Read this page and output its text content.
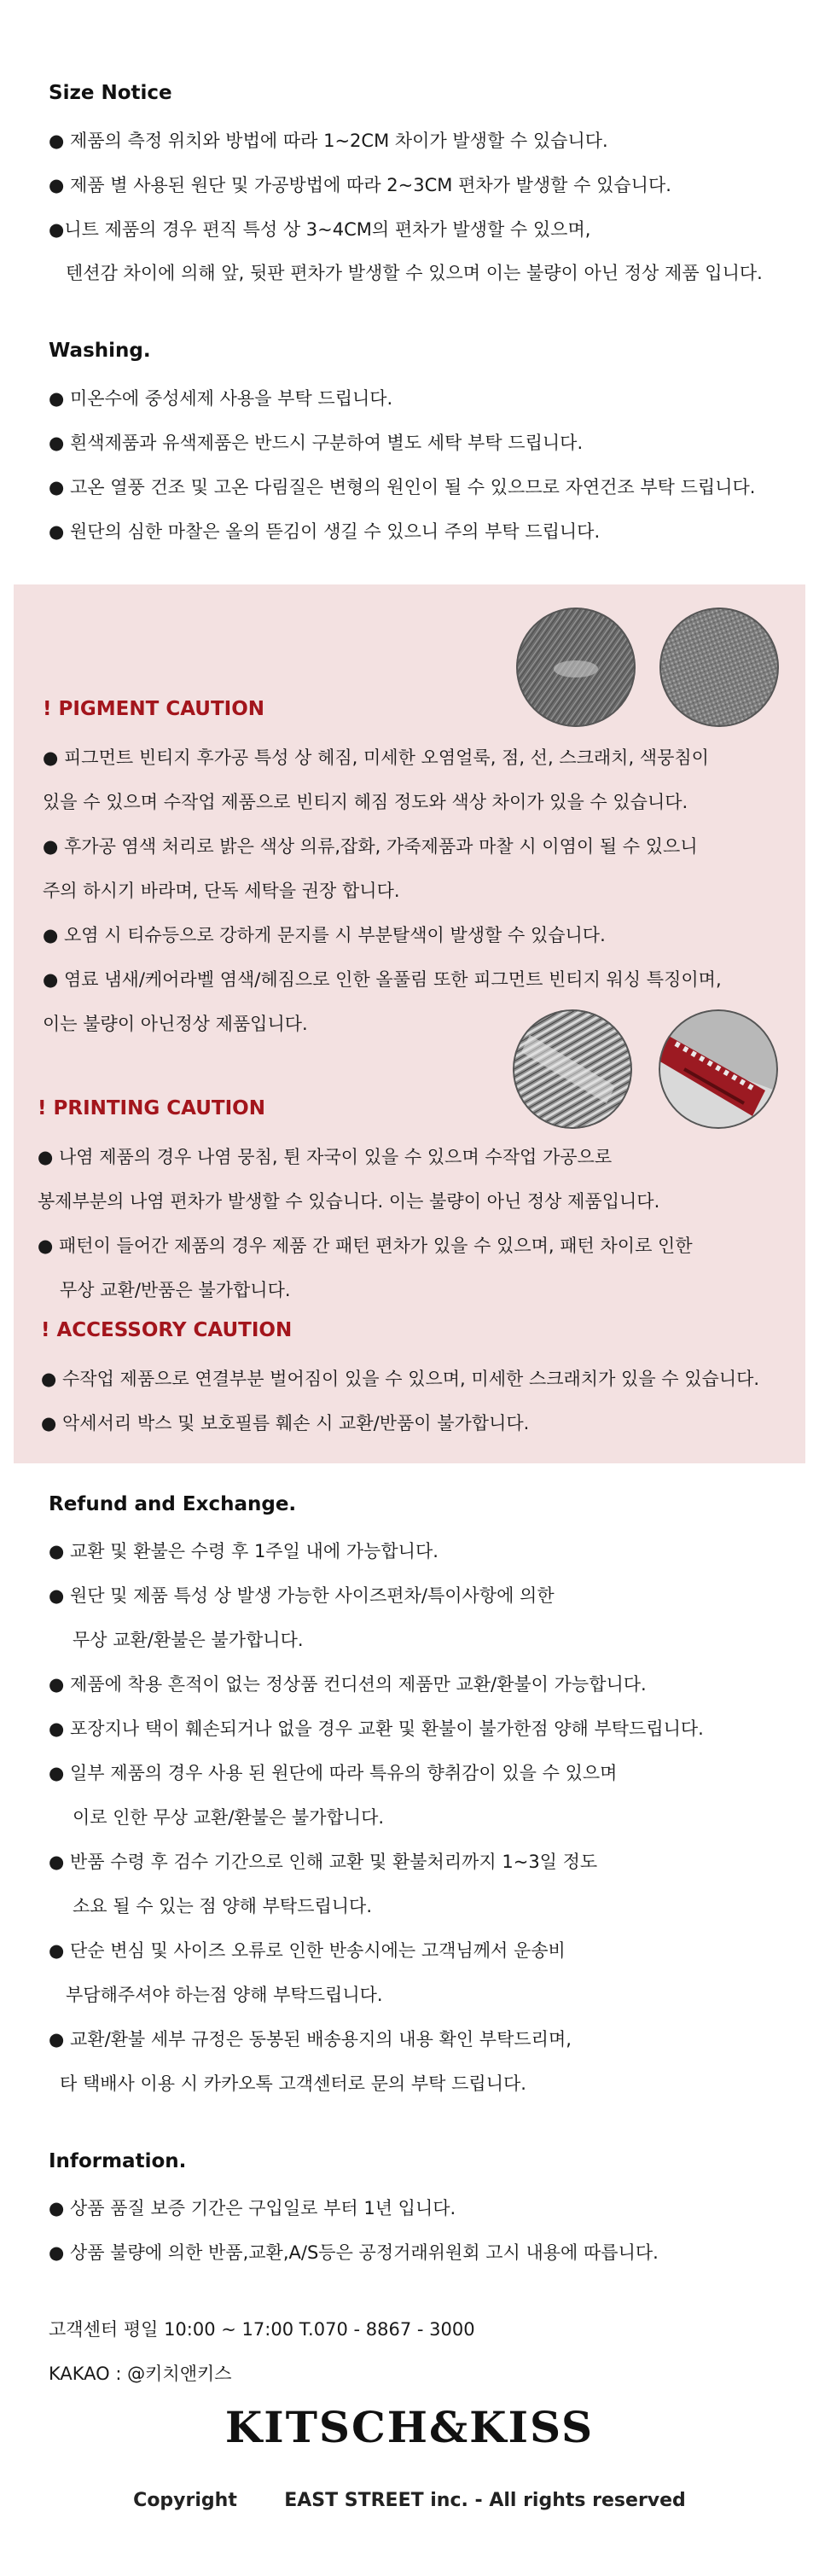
Size Notice
● 제품의 측정 위치와 방법에 따라 1~2CM 차이가 발생할 수 있습니다.
● 제품 별 사용된 원단 및 가공방법에 따라 2~3CM 편차가 발생할 수 있습니다.
●니트 제품의 경우 편직 특성 상 3~4CM의 편차가 발생할 수 있으며,
텐션감 차이에 의해 앞, 뒷판 편차가 발생할 수 있으며 이는 불량이 아닌 정상 제품 입니다.
Washing.
● 미온수에 중성세제 사용을 부탁 드립니다.
● 흰색제품과 유색제품은 반드시 구분하여 별도 세탁 부탁 드립니다.
● 고온 열풍 건조 및 고온 다림질은 변형의 원인이 될 수 있으므로 자연건조 부탁 드립니다.
● 원단의 심한 마찰은 올의 뜯김이 생길 수 있으니 주의 부탁 드립니다.
! PIGMENT CAUTION
● 피그먼트 빈티지 후가공 특성 상 헤짐, 미세한 오염얼룩, 점, 선, 스크래치, 색뭉침이
있을 수 있으며 수작업 제품으로 빈티지 헤짐 정도와 색상 차이가 있을 수 있습니다.
● 후가공 염색 처리로 밝은 색상 의류,잡화, 가죽제품과 마찰 시 이염이 될 수 있으니
주의 하시기 바라며, 단독 세탁을 권장 합니다.
● 오염 시 티슈등으로 강하게 문지를 시 부분탈색이 발생할 수 있습니다.
● 염료 냄새/케어라벨 염색/헤짐으로 인한 올풀림 또한 피그먼트 빈티지 워싱 특징이며,
이는 불량이 아닌정상 제품입니다.
! PRINTING CAUTION
● 나염 제품의 경우 나염 뭉침, 튄 자국이 있을 수 있으며 수작업 가공으로
봉제부분의 나염 편차가 발생할 수 있습니다. 이는 불량이 아닌 정상 제품입니다.
● 패턴이 들어간 제품의 경우 제품 간 패턴 편차가 있을 수 있으며, 패턴 차이로 인한
무상 교환/반품은 불가합니다.
! ACCESSORY CAUTION
● 수작업 제품으로 연결부분 벌어짐이 있을 수 있으며, 미세한 스크래치가 있을 수 있습니다.
● 악세서리 박스 및 보호필름 훼손 시 교환/반품이 불가합니다.
Refund and Exchange.
● 교환 및 환불은 수령 후 1주일 내에 가능합니다.
● 원단 및 제품 특성 상 발생 가능한 사이즈편차/특이사항에 의한
무상 교환/환불은 불가합니다.
● 제품에 착용 흔적이 없는 정상품 컨디션의 제품만 교환/환불이 가능합니다.
● 포장지나 택이 훼손되거나 없을 경우 교환 및 환불이 불가한점 양해 부탁드립니다.
● 일부 제품의 경우 사용 된 원단에 따라 특유의 향취감이 있을 수 있으며
이로 인한 무상 교환/환불은 불가합니다.
● 반품 수령 후 검수 기간으로 인해 교환 및 환불처리까지 1~3일 정도
소요 될 수 있는 점 양해 부탁드립니다.
● 단순 변심 및 사이즈 오류로 인한 반송시에는 고객님께서 운송비
부담해주셔야 하는점 양해 부탁드립니다.
● 교환/환불 세부 규정은 동봉된 배송용지의 내용 확인 부탁드리며,
타 택배사 이용 시 카카오톡 고객센터로 문의 부탁 드립니다.
Information.
● 상품 품질 보증 기간은 구입일로 부터 1년 입니다.
● 상품 불량에 의한 반품,교환,A/S등은 공정거래위원회 고시 내용에 따릅니다.
고객센터 평일 10:00 ~ 17:00 T.070 - 8867 - 3000
KAKAO : @키치앤키스
KITSCH&KISS
Copyright	EAST STREET inc. - All rights reserved
